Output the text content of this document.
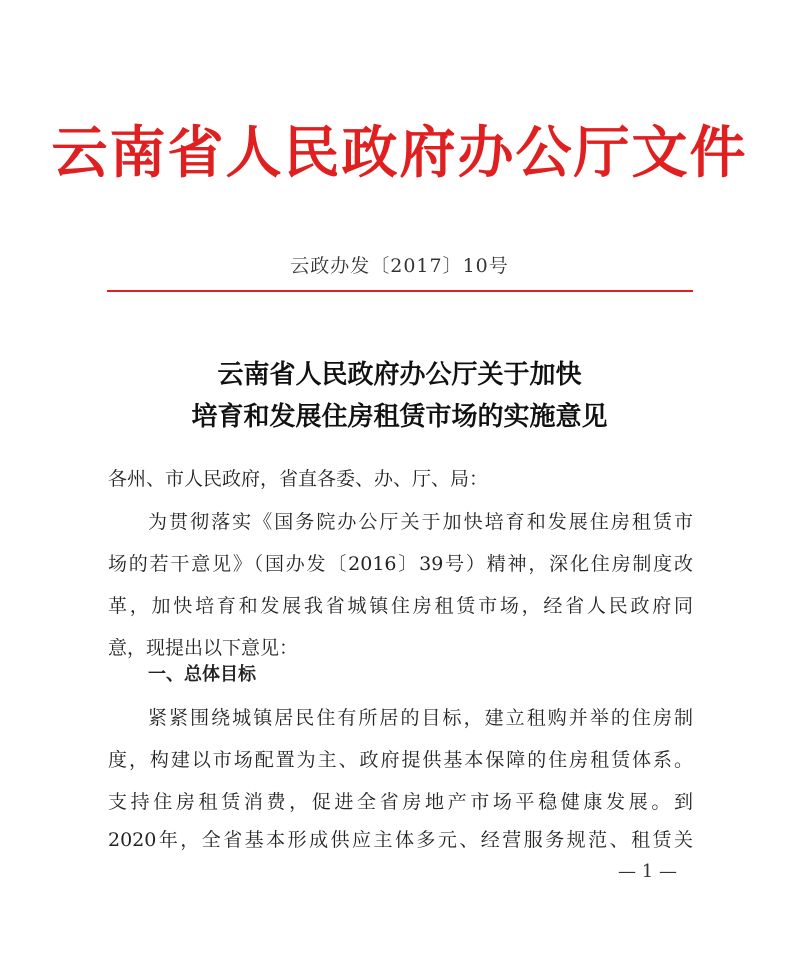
云南省人民政府办公厅文件
云政办发〔2017〕10号
云南省人民政府办公厅关于加快
培育和发展住房租赁市场的实施意见
各州、市人民政府，省直各委、办、厅、局：
为贯彻落实《国务院办公厅关于加快培育和发展住房租赁市
场的若干意见》（国办发〔2016〕39号）精神，深化住房制度改
革，加快培育和发展我省城镇住房租赁市场，经省人民政府同
意，现提出以下意见：
一、总体目标
紧紧围绕城镇居民住有所居的目标，建立租购并举的住房制
度，构建以市场配置为主、政府提供基本保障的住房租赁体系。
支持住房租赁消费，促进全省房地产市场平稳健康发展。到
2020年，全省基本形成供应主体多元、经营服务规范、租赁关
— 1 —
